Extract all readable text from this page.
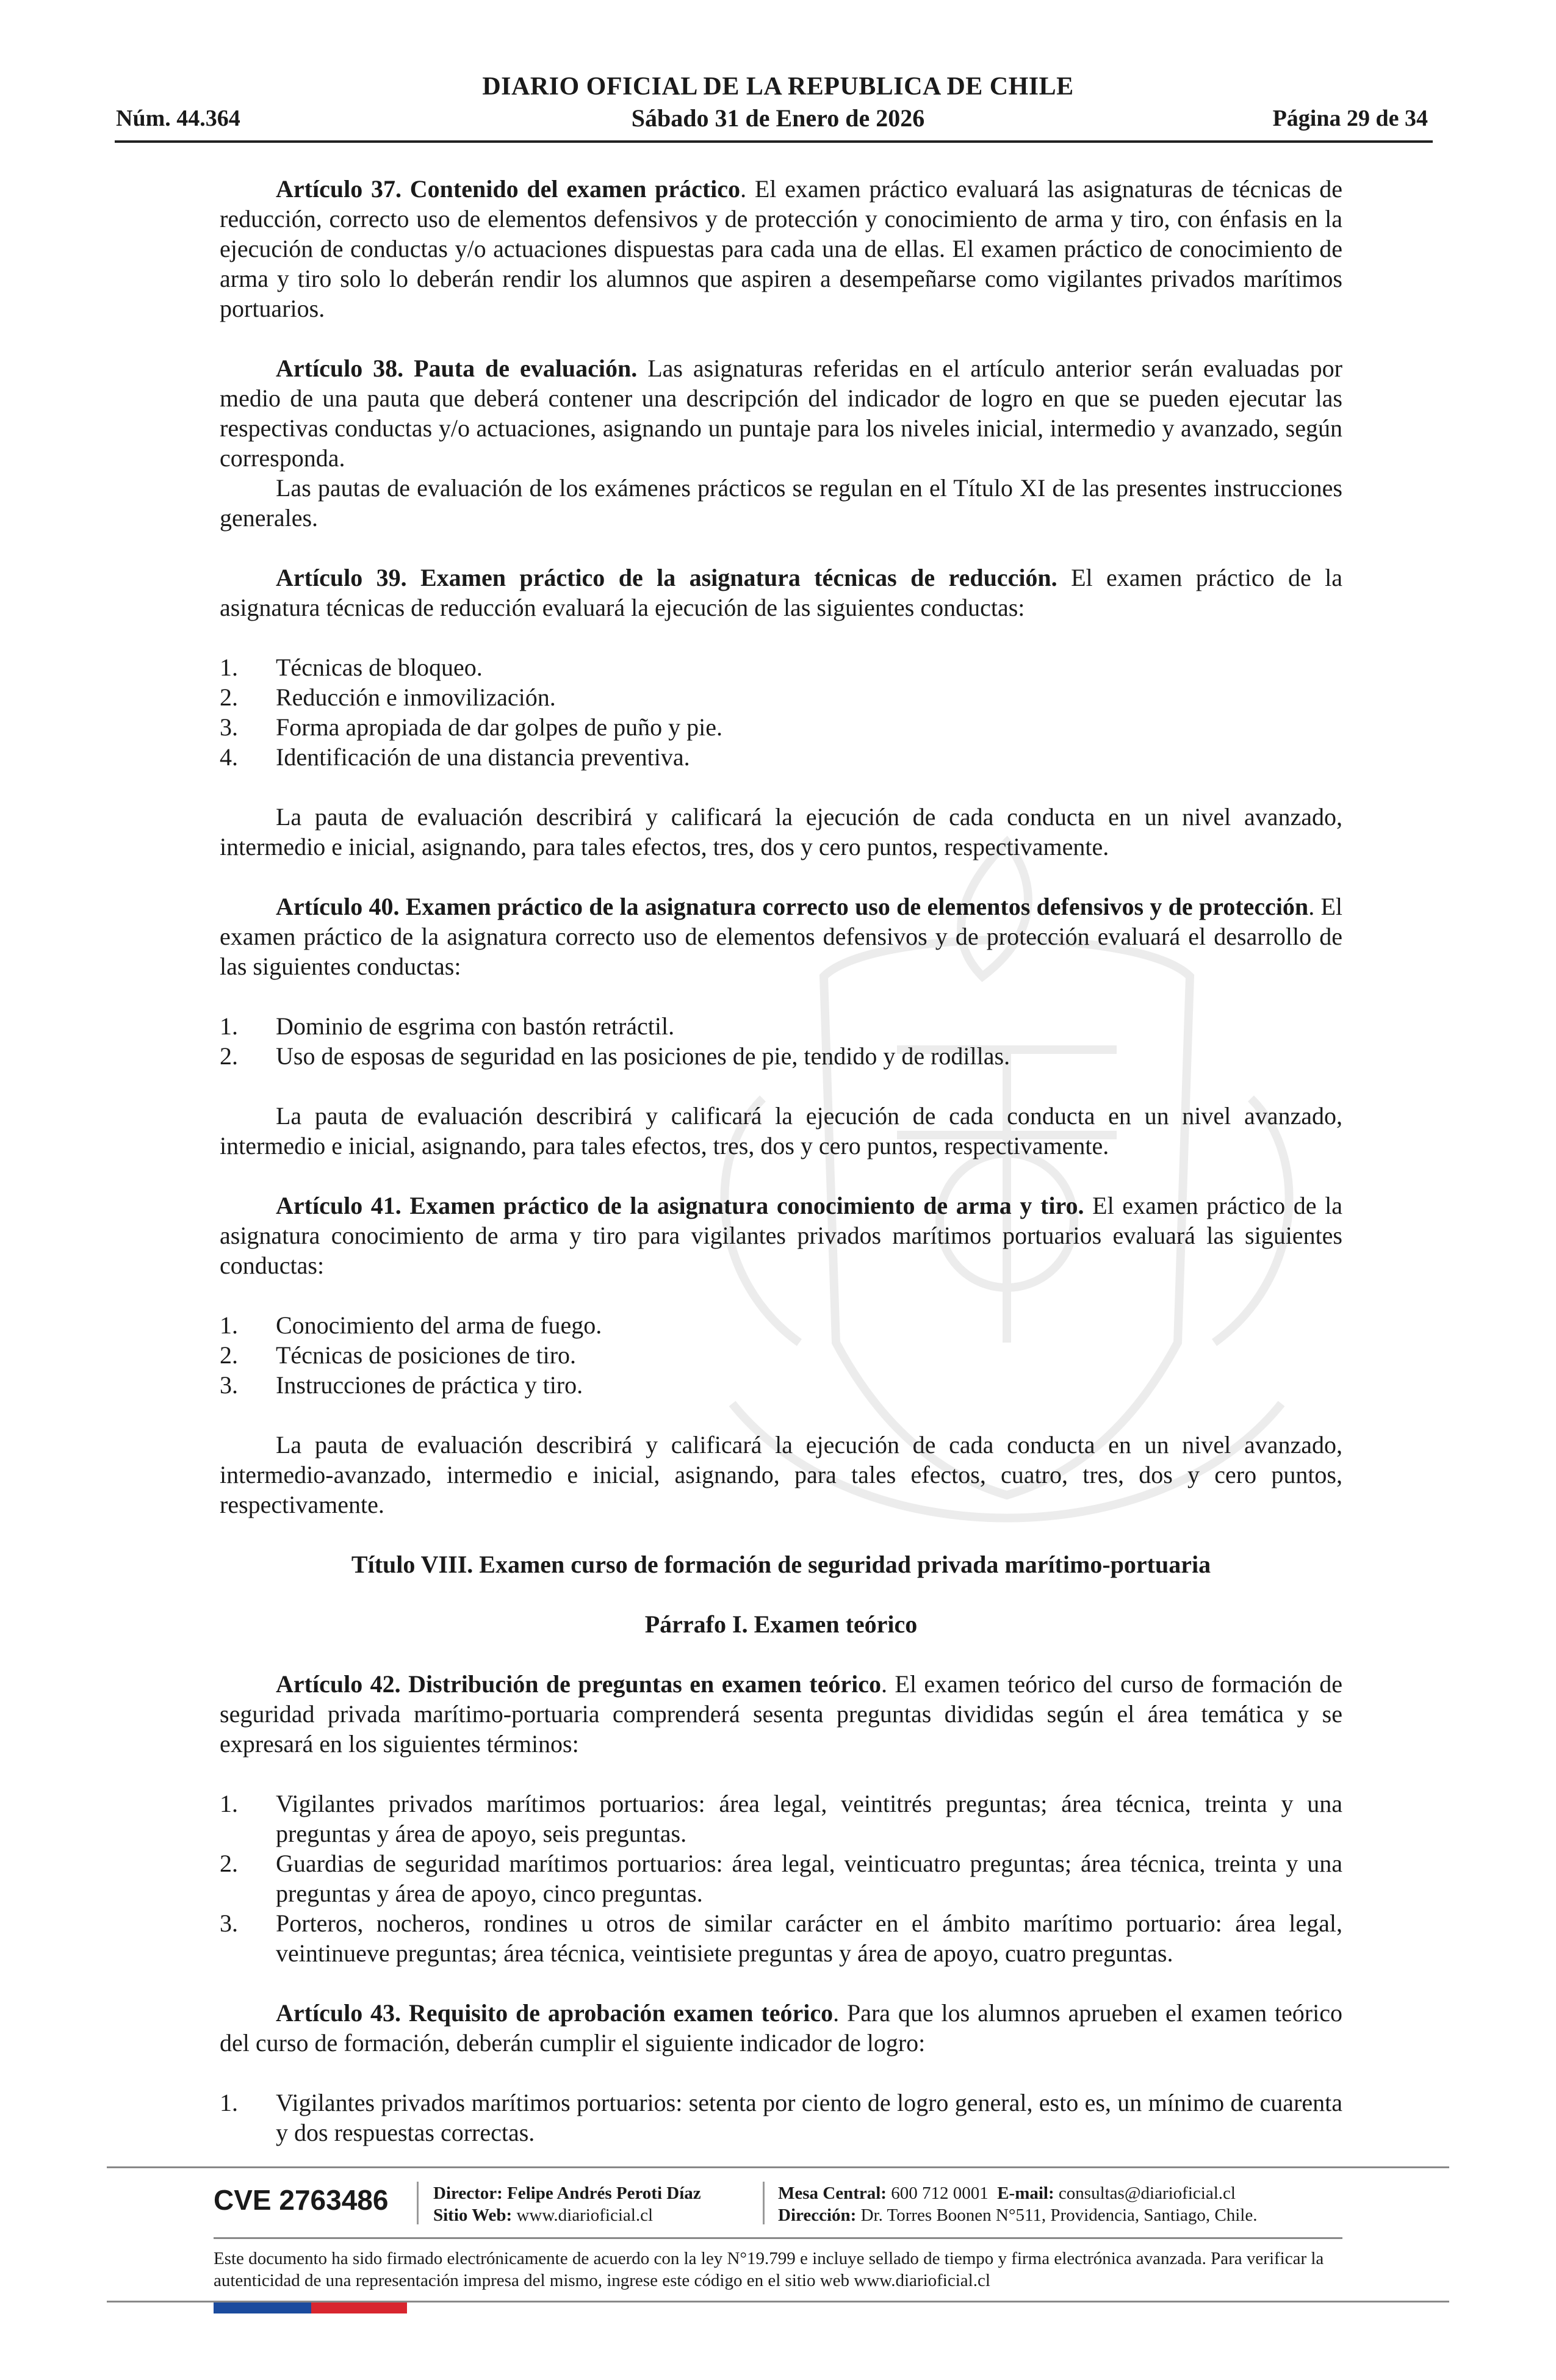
DIARIO OFICIAL DE LA REPUBLICA DE CHILE
Núm. 44.364	Sábado 31 de Enero de 2026	Página 29 de 34

Artículo 37. Contenido del examen práctico. El examen práctico evaluará las asignaturas de técnicas de reducción, correcto uso de elementos defensivos y de protección y conocimiento de arma y tiro, con énfasis en la ejecución de conductas y/o actuaciones dispuestas para cada una de ellas. El examen práctico de conocimiento de arma y tiro solo lo deberán rendir los alumnos que aspiren a desempeñarse como vigilantes privados marítimos portuarios.

Artículo 38. Pauta de evaluación. Las asignaturas referidas en el artículo anterior serán evaluadas por medio de una pauta que deberá contener una descripción del indicador de logro en que se pueden ejecutar las respectivas conductas y/o actuaciones, asignando un puntaje para los niveles inicial, intermedio y avanzado, según corresponda.

Las pautas de evaluación de los exámenes prácticos se regulan en el Título XI de las presentes instrucciones generales.

Artículo 39. Examen práctico de la asignatura técnicas de reducción. El examen práctico de la asignatura técnicas de reducción evaluará la ejecución de las siguientes conductas:

1. Técnicas de bloqueo.
2. Reducción e inmovilización.
3. Forma apropiada de dar golpes de puño y pie.
4. Identificación de una distancia preventiva.

La pauta de evaluación describirá y calificará la ejecución de cada conducta en un nivel avanzado, intermedio e inicial, asignando, para tales efectos, tres, dos y cero puntos, respectivamente.

Artículo 40. Examen práctico de la asignatura correcto uso de elementos defensivos y de protección. El examen práctico de la asignatura correcto uso de elementos defensivos y de protección evaluará el desarrollo de las siguientes conductas:

1. Dominio de esgrima con bastón retráctil.
2. Uso de esposas de seguridad en las posiciones de pie, tendido y de rodillas.

La pauta de evaluación describirá y calificará la ejecución de cada conducta en un nivel avanzado, intermedio e inicial, asignando, para tales efectos, tres, dos y cero puntos, respectivamente.

Artículo 41. Examen práctico de la asignatura conocimiento de arma y tiro. El examen práctico de la asignatura conocimiento de arma y tiro para vigilantes privados marítimos portuarios evaluará las siguientes conductas:

1. Conocimiento del arma de fuego.
2. Técnicas de posiciones de tiro.
3. Instrucciones de práctica y tiro.

La pauta de evaluación describirá y calificará la ejecución de cada conducta en un nivel avanzado, intermedio-avanzado, intermedio e inicial, asignando, para tales efectos, cuatro, tres, dos y cero puntos, respectivamente.

Título VIII. Examen curso de formación de seguridad privada marítimo-portuaria

Párrafo I. Examen teórico

Artículo 42. Distribución de preguntas en examen teórico. El examen teórico del curso de formación de seguridad privada marítimo-portuaria comprenderá sesenta preguntas divididas según el área temática y se expresará en los siguientes términos:

1. Vigilantes privados marítimos portuarios: área legal, veintitrés preguntas; área técnica, treinta y una preguntas y área de apoyo, seis preguntas.
2. Guardias de seguridad marítimos portuarios: área legal, veinticuatro preguntas; área técnica, treinta y una preguntas y área de apoyo, cinco preguntas.
3. Porteros, nocheros, rondines u otros de similar carácter en el ámbito marítimo portuario: área legal, veintinueve preguntas; área técnica, veintisiete preguntas y área de apoyo, cuatro preguntas.

Artículo 43. Requisito de aprobación examen teórico. Para que los alumnos aprueben el examen teórico del curso de formación, deberán cumplir el siguiente indicador de logro:

1. Vigilantes privados marítimos portuarios: setenta por ciento de logro general, esto es, un mínimo de cuarenta y dos respuestas correctas.
CVE 2763486	Director: Felipe Andrés Peroti Díaz
Sitio Web: www.diarioficial.cl
Mesa Central: 600 712 0001 E-mail: consultas@diarioficial.cl
Dirección: Dr. Torres Boonen N°511, Providencia, Santiago, Chile.
Este documento ha sido firmado electrónicamente de acuerdo con la ley N°19.799 e incluye sellado de tiempo y firma electrónica avanzada. Para verificar la autenticidad de una representación impresa del mismo, ingrese este código en el sitio web www.diarioficial.cl
